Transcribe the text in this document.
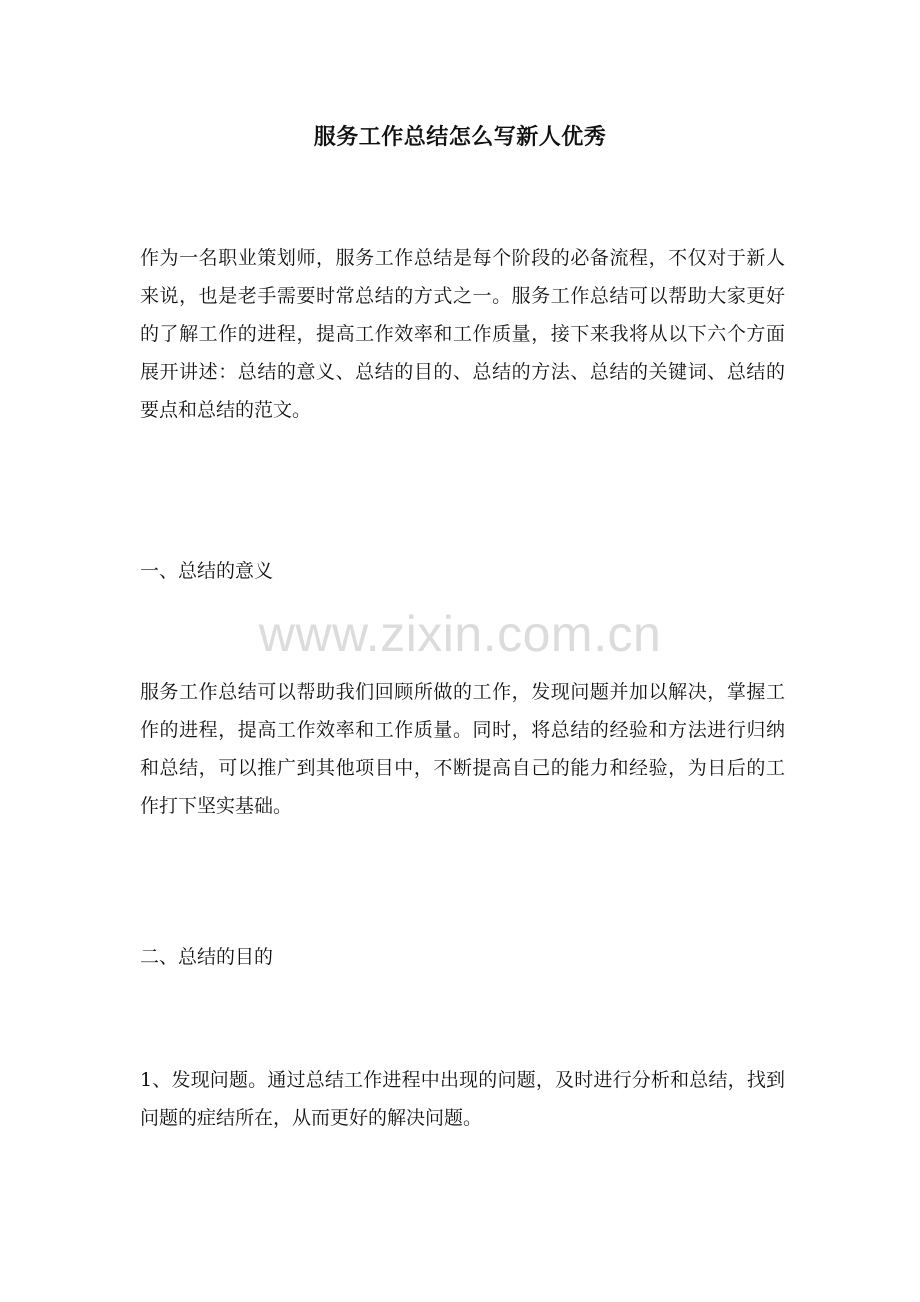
服务工作总结怎么写新人优秀

作为一名职业策划师，服务工作总结是每个阶段的必备流程，不仅对于新人来说，也是老手需要时常总结的方式之一。服务工作总结可以帮助大家更好的了解工作的进程，提高工作效率和工作质量，接下来我将从以下六个方面展开讲述：总结的意义、总结的目的、总结的方法、总结的关键词、总结的要点和总结的范文。

一、总结的意义

www.zixin.com.cn

服务工作总结可以帮助我们回顾所做的工作，发现问题并加以解决，掌握工作的进程，提高工作效率和工作质量。同时，将总结的经验和方法进行归纳和总结，可以推广到其他项目中，不断提高自己的能力和经验，为日后的工作打下坚实基础。

二、总结的目的

1、发现问题。通过总结工作进程中出现的问题，及时进行分析和总结，找到问题的症结所在，从而更好的解决问题。
